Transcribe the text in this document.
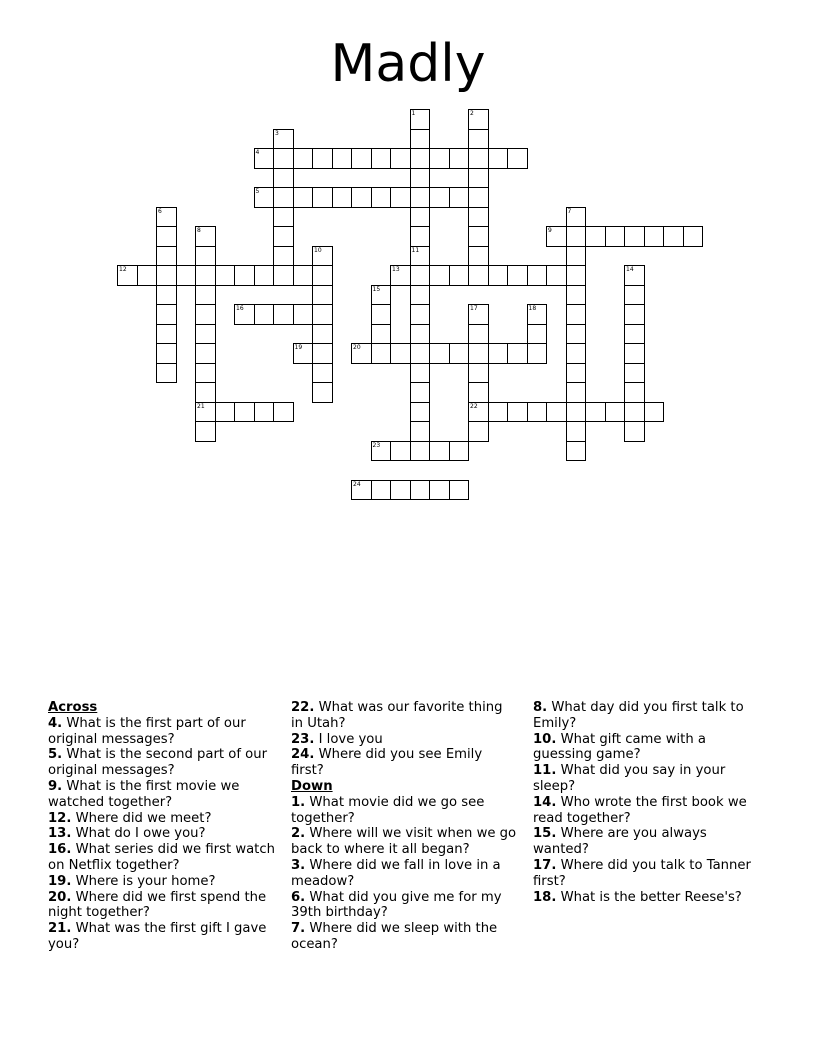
Madly
1
11
2
3
4
5
6	7
8
21
9
10
12	13	14
15
16	17
22
18
19	20
23
24
Across

4. What is the first part of our original messages?

5. What is the second part of our original messages?

9. What is the first movie we watched together?

12. Where did we meet?

13. What do I owe you?

16. What series did we first watch on Netflix together?

19. Where is your home?

20. Where did we first spend the night together?

21. What was the first gift I gave you?

22. What was our favorite thing in Utah?

23. I love you

24. Where did you see Emily first?

Down

1. What movie did we go see together?

2. Where will we visit when we go back to where it all began?

3. Where did we fall in love in a meadow?

6. What did you give me for my 39th birthday?

7. Where did we sleep with the ocean?

8. What day did you first talk to Emily?

10. What gift came with a guessing game?

11. What did you say in your sleep?

14. Who wrote the first book we read together?

15. Where are you always wanted?

17. Where did you talk to Tanner first?

18. What is the better Reese's?
